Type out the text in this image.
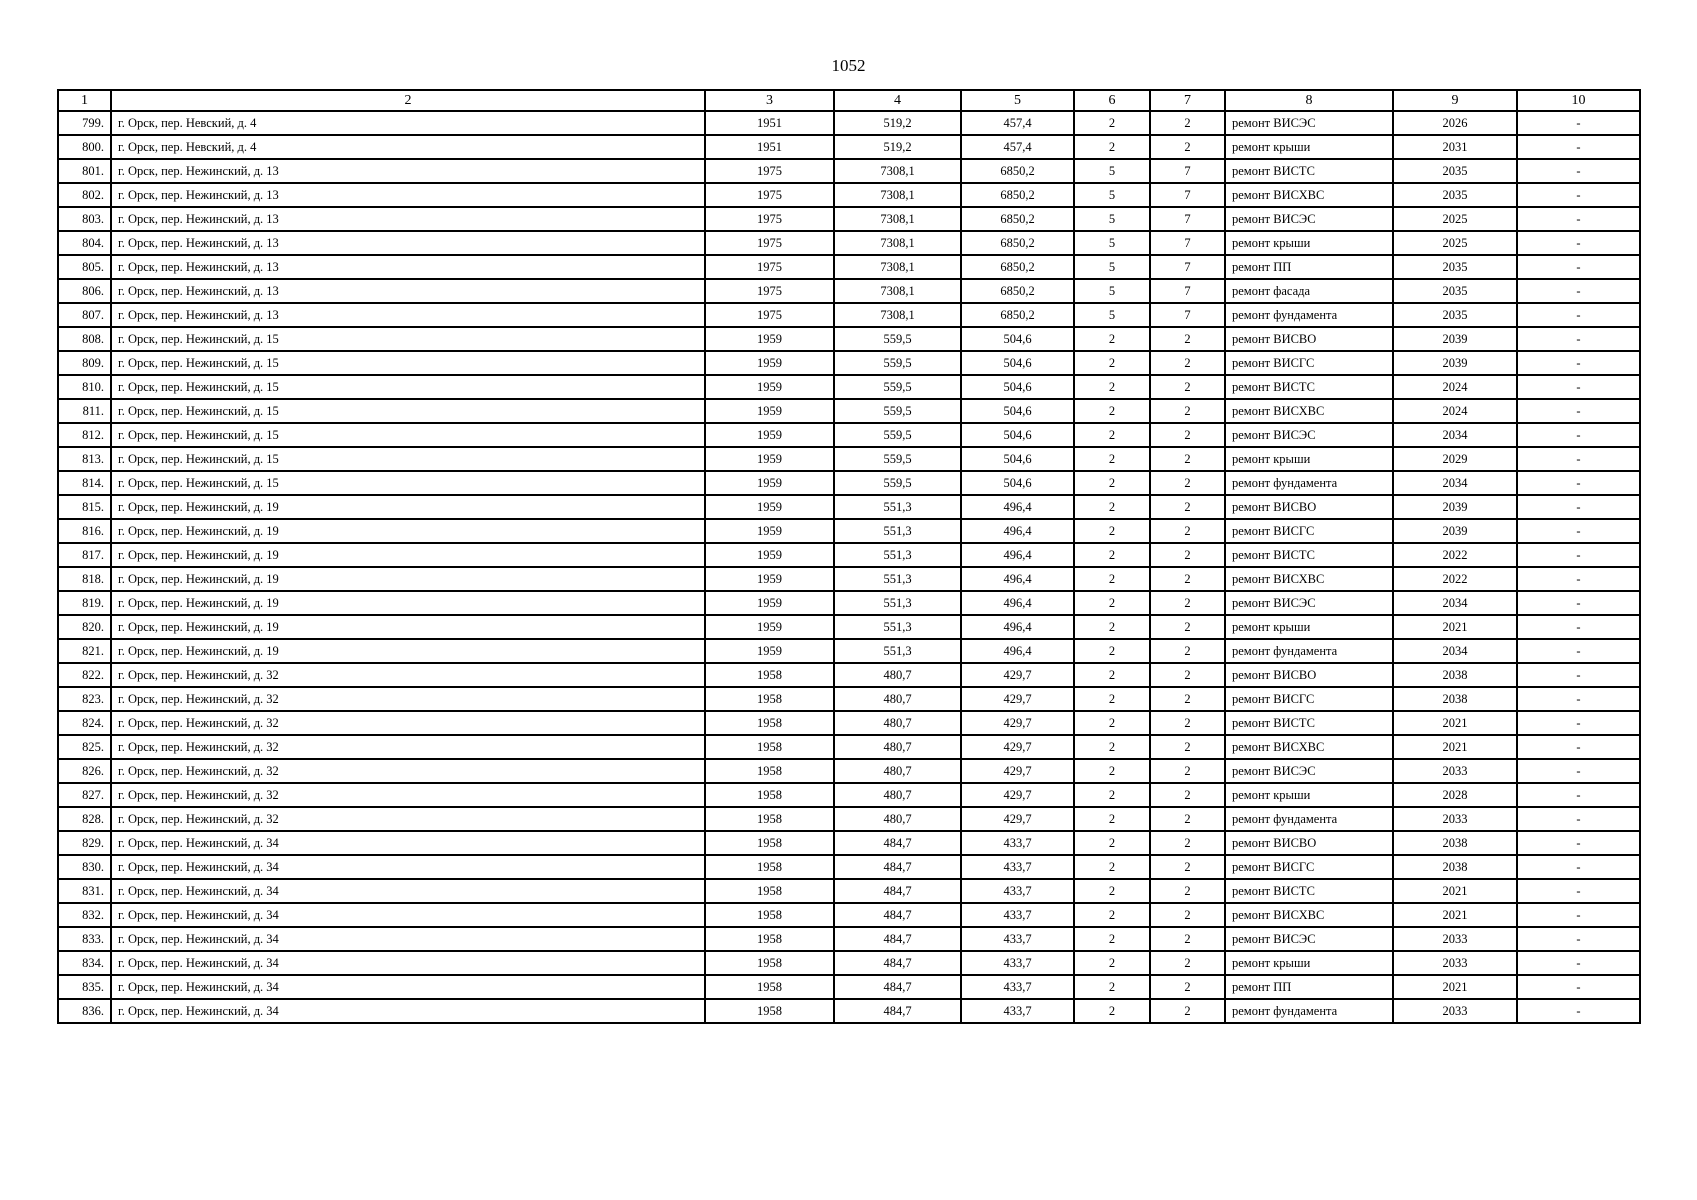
1052
1	2	3	4	5	6	7	8	9	10
799.	г. Орск, пер. Невский, д. 4	1951	519,2	457,4	2	2	ремонт ВИСЭС	2026	-
800.	г. Орск, пер. Невский, д. 4	1951	519,2	457,4	2	2	ремонт крыши	2031	-
801.	г. Орск, пер. Нежинский, д. 13	1975	7308,1	6850,2	5	7	ремонт ВИСТС	2035	-
802.	г. Орск, пер. Нежинский, д. 13	1975	7308,1	6850,2	5	7	ремонт ВИСХВС	2035	-
803.	г. Орск, пер. Нежинский, д. 13	1975	7308,1	6850,2	5	7	ремонт ВИСЭС	2025	-
804.	г. Орск, пер. Нежинский, д. 13	1975	7308,1	6850,2	5	7	ремонт крыши	2025	-
805.	г. Орск, пер. Нежинский, д. 13	1975	7308,1	6850,2	5	7	ремонт ПП	2035	-
806.	г. Орск, пер. Нежинский, д. 13	1975	7308,1	6850,2	5	7	ремонт фасада	2035	-
807.	г. Орск, пер. Нежинский, д. 13	1975	7308,1	6850,2	5	7	ремонт фундамента	2035	-
808.	г. Орск, пер. Нежинский, д. 15	1959	559,5	504,6	2	2	ремонт ВИСВО	2039	-
809.	г. Орск, пер. Нежинский, д. 15	1959	559,5	504,6	2	2	ремонт ВИСГС	2039	-
810.	г. Орск, пер. Нежинский, д. 15	1959	559,5	504,6	2	2	ремонт ВИСТС	2024	-
811.	г. Орск, пер. Нежинский, д. 15	1959	559,5	504,6	2	2	ремонт ВИСХВС	2024	-
812.	г. Орск, пер. Нежинский, д. 15	1959	559,5	504,6	2	2	ремонт ВИСЭС	2034	-
813.	г. Орск, пер. Нежинский, д. 15	1959	559,5	504,6	2	2	ремонт крыши	2029	-
814.	г. Орск, пер. Нежинский, д. 15	1959	559,5	504,6	2	2	ремонт фундамента	2034	-
815.	г. Орск, пер. Нежинский, д. 19	1959	551,3	496,4	2	2	ремонт ВИСВО	2039	-
816.	г. Орск, пер. Нежинский, д. 19	1959	551,3	496,4	2	2	ремонт ВИСГС	2039	-
817.	г. Орск, пер. Нежинский, д. 19	1959	551,3	496,4	2	2	ремонт ВИСТС	2022	-
818.	г. Орск, пер. Нежинский, д. 19	1959	551,3	496,4	2	2	ремонт ВИСХВС	2022	-
819.	г. Орск, пер. Нежинский, д. 19	1959	551,3	496,4	2	2	ремонт ВИСЭС	2034	-
820.	г. Орск, пер. Нежинский, д. 19	1959	551,3	496,4	2	2	ремонт крыши	2021	-
821.	г. Орск, пер. Нежинский, д. 19	1959	551,3	496,4	2	2	ремонт фундамента	2034	-
822.	г. Орск, пер. Нежинский, д. 32	1958	480,7	429,7	2	2	ремонт ВИСВО	2038	-
823.	г. Орск, пер. Нежинский, д. 32	1958	480,7	429,7	2	2	ремонт ВИСГС	2038	-
824.	г. Орск, пер. Нежинский, д. 32	1958	480,7	429,7	2	2	ремонт ВИСТС	2021	-
825.	г. Орск, пер. Нежинский, д. 32	1958	480,7	429,7	2	2	ремонт ВИСХВС	2021	-
826.	г. Орск, пер. Нежинский, д. 32	1958	480,7	429,7	2	2	ремонт ВИСЭС	2033	-
827.	г. Орск, пер. Нежинский, д. 32	1958	480,7	429,7	2	2	ремонт крыши	2028	-
828.	г. Орск, пер. Нежинский, д. 32	1958	480,7	429,7	2	2	ремонт фундамента	2033	-
829.	г. Орск, пер. Нежинский, д. 34	1958	484,7	433,7	2	2	ремонт ВИСВО	2038	-
830.	г. Орск, пер. Нежинский, д. 34	1958	484,7	433,7	2	2	ремонт ВИСГС	2038	-
831.	г. Орск, пер. Нежинский, д. 34	1958	484,7	433,7	2	2	ремонт ВИСТС	2021	-
832.	г. Орск, пер. Нежинский, д. 34	1958	484,7	433,7	2	2	ремонт ВИСХВС	2021	-
833.	г. Орск, пер. Нежинский, д. 34	1958	484,7	433,7	2	2	ремонт ВИСЭС	2033	-
834.	г. Орск, пер. Нежинский, д. 34	1958	484,7	433,7	2	2	ремонт крыши	2033	-
835.	г. Орск, пер. Нежинский, д. 34	1958	484,7	433,7	2	2	ремонт ПП	2021	-
836.	г. Орск, пер. Нежинский, д. 34	1958	484,7	433,7	2	2	ремонт фундамента	2033	-
